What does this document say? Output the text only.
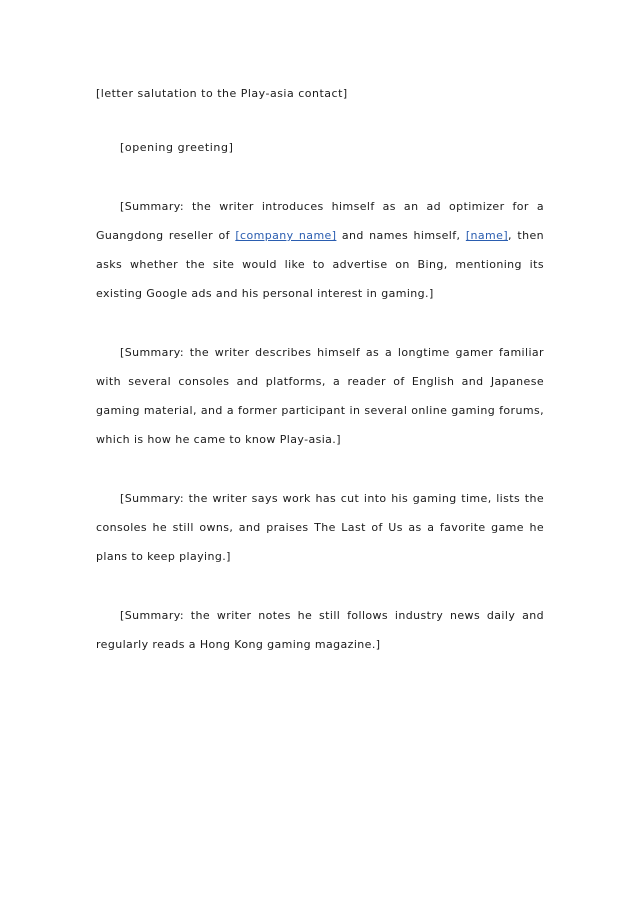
[letter salutation to the Play-asia contact]

[opening greeting]

[Summary: the writer introduces himself as an ad optimizer for a Guangdong reseller of [company name] and names himself, [name], then asks whether the site would like to advertise on Bing, mentioning its existing Google ads and his personal interest in gaming.]

[Summary: the writer describes himself as a longtime gamer familiar with several consoles and platforms, a reader of English and Japanese gaming material, and a former participant in several online gaming forums, which is how he came to know Play-asia.]

[Summary: the writer says work has cut into his gaming time, lists the consoles he still owns, and praises The Last of Us as a favorite game he plans to keep playing.]

[Summary: the writer notes he still follows industry news daily and regularly reads a Hong Kong gaming magazine.]
